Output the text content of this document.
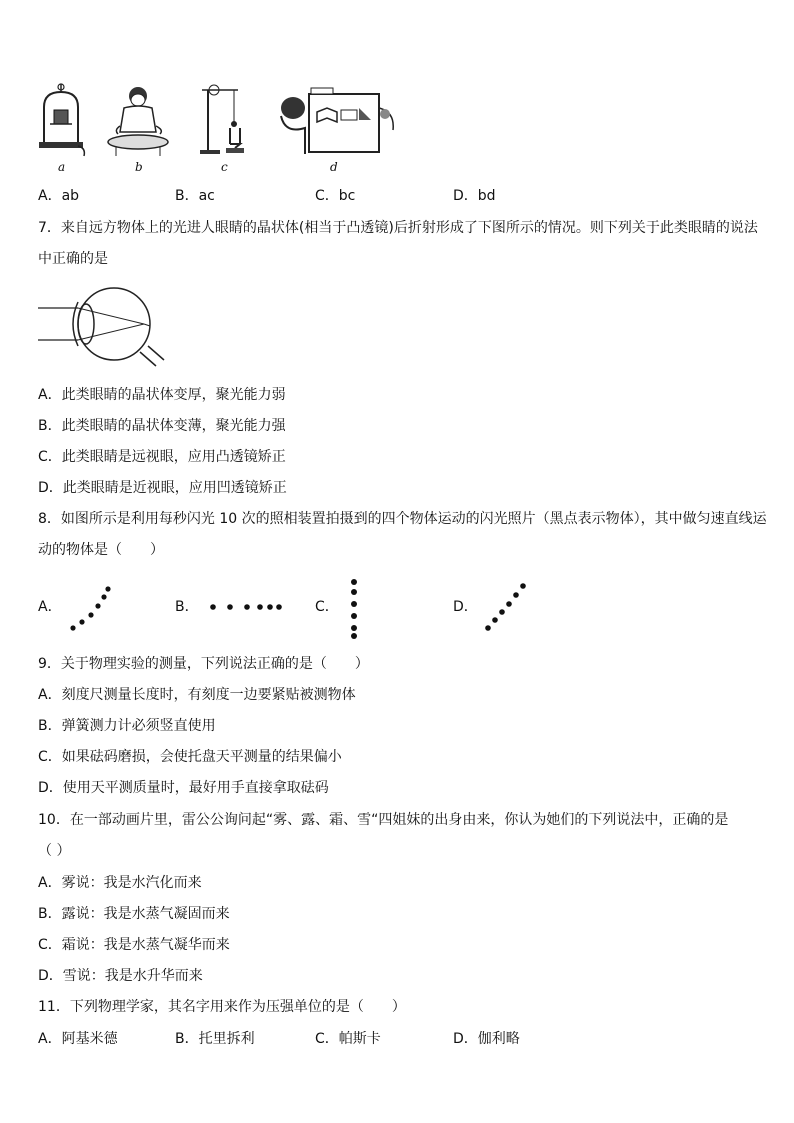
a	b	c	d
A．ab	B．ac	C．bc	D．bd
7．来自远方物体上的光进人眼睛的晶状体(相当于凸透镜)后折射形成了下图所示的情况。则下列关于此类眼睛的说法
中正确的是
A．此类眼睛的晶状体变厚，聚光能力弱
B．此类眼睛的晶状体变薄，聚光能力强
C．此类眼睛是远视眼，应用凸透镜矫正
D．此类眼睛是近视眼，应用凹透镜矫正
8．如图所示是利用每秒闪光 10 次的照相装置拍摄到的四个物体运动的闪光照片（黑点表示物体），其中做匀速直线运
动的物体是（　　）
A．	B．	C．	D．
9．关于物理实验的测量，下列说法正确的是（　　）
A．刻度尺测量长度时，有刻度一边要紧贴被测物体
B．弹簧测力计必须竖直使用
C．如果砝码磨损，会使托盘天平测量的结果偏小
D．使用天平测质量时，最好用手直接拿取砝码
10．在一部动画片里，雷公公询问起“雾、露、霜、雪“四姐妹的出身由来，你认为她们的下列说法中，正确的是
（ ）
A．雾说：我是水汽化而来
B．露说：我是水蒸气凝固而来
C．霜说：我是水蒸气凝华而来
D．雪说：我是水升华而来
11．下列物理学家，其名字用来作为压强单位的是（　　）
A．阿基米德	B．托里拆利	C．帕斯卡	D．伽利略
